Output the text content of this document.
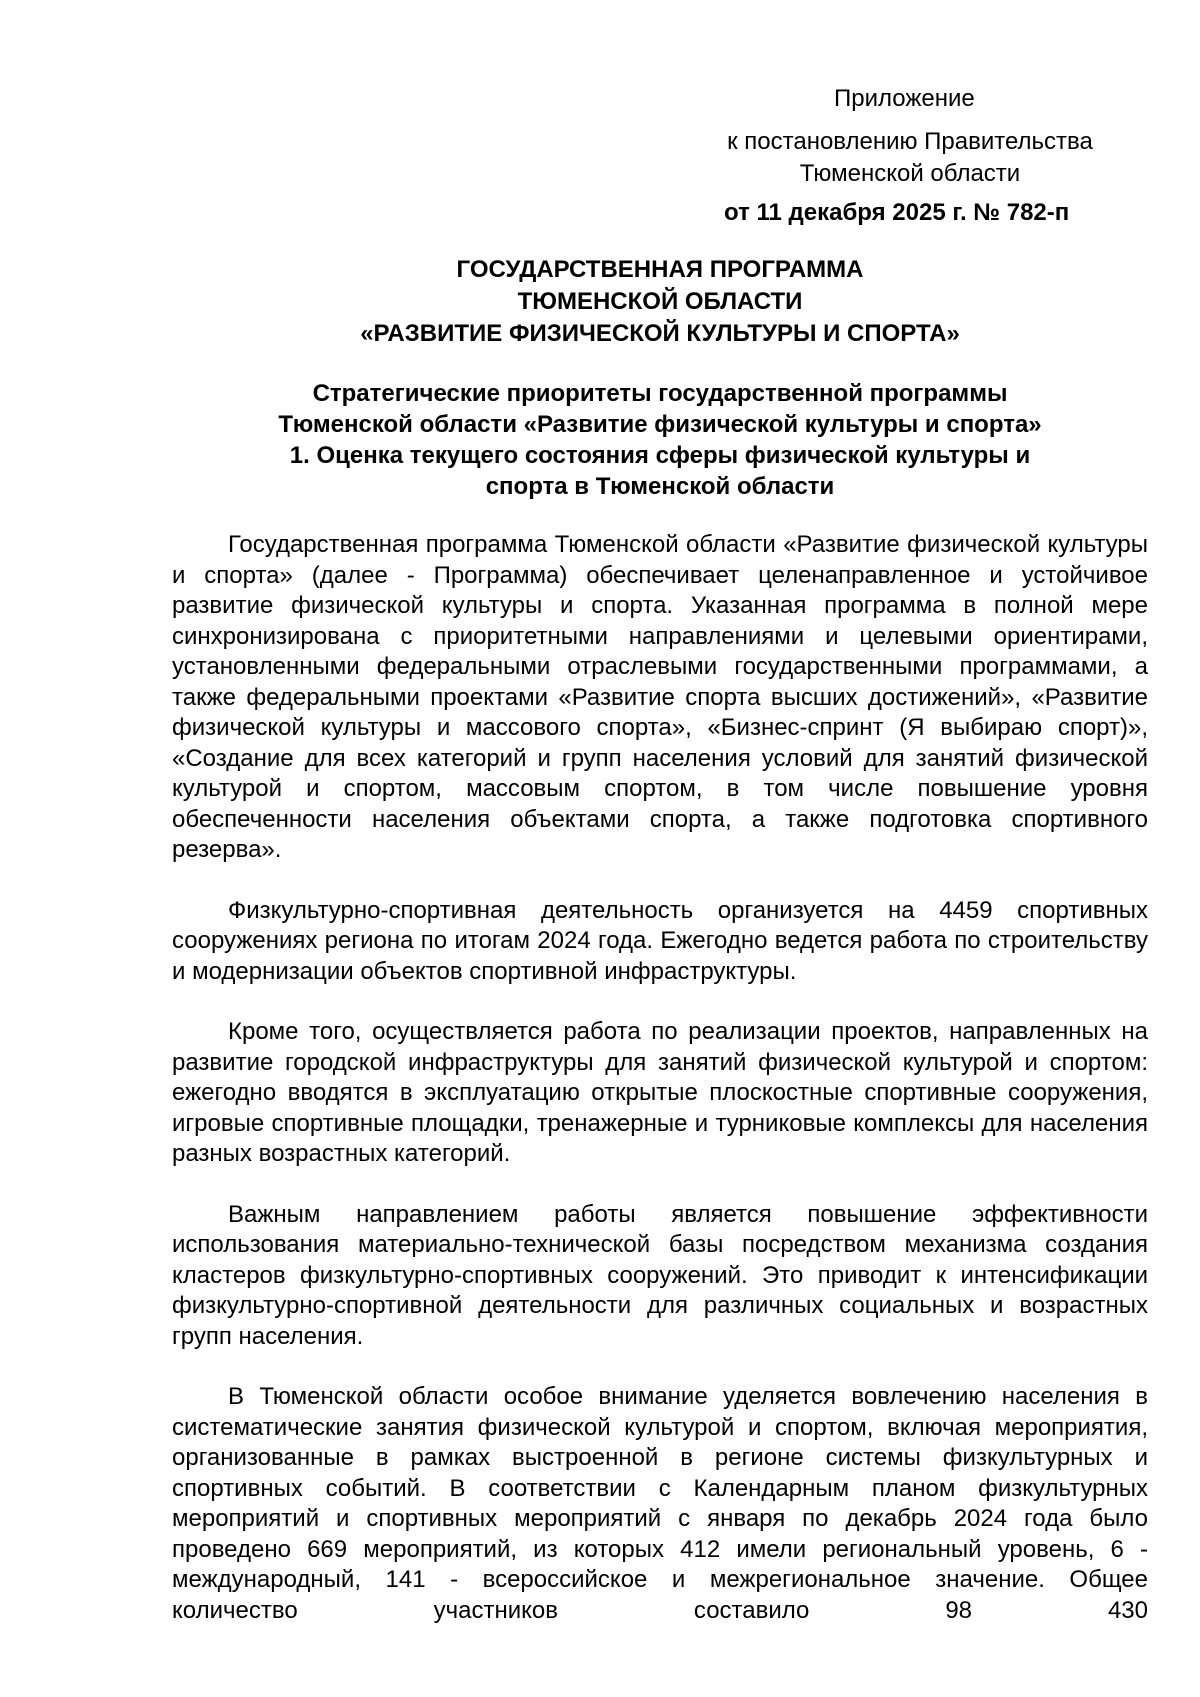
Приложение
к постановлению Правительства
Тюменской области
от 11 декабря 2025 г. № 782-п
ГОСУДАРСТВЕННАЯ ПРОГРАММА
ТЮМЕНСКОЙ ОБЛАСТИ
«РАЗВИТИЕ ФИЗИЧЕСКОЙ КУЛЬТУРЫ И СПОРТА»
Стратегические приоритеты государственной программы
Тюменской области «Развитие физической культуры и спорта»
1. Оценка текущего состояния сферы физической культуры и
спорта в Тюменской области

Государственная программа Тюменской области «Развитие физической культуры и спорта» (далее - Программа) обеспечивает целенаправленное и устойчивое развитие физической культуры и спорта. Указанная программа в полной мере синхронизирована с приоритетными направлениями и целевыми ориентирами, установленными федеральными отраслевыми государственными программами, а также федеральными проектами «Развитие спорта высших достижений», «Развитие физической культуры и массового спорта», «Бизнес-спринт (Я выбираю спорт)», «Создание для всех категорий и групп населения условий для занятий физической культурой и спортом, массовым спортом, в том числе повышение уровня обеспеченности населения объектами спорта, а также подготовка спортивного резерва».

Физкультурно-спортивная деятельность организуется на 4459 спортивных сооружениях региона по итогам 2024 года. Ежегодно ведется работа по строительству и модернизации объектов спортивной инфраструктуры.

Кроме того, осуществляется работа по реализации проектов, направленных на развитие городской инфраструктуры для занятий физической культурой и спортом: ежегодно вводятся в эксплуатацию открытые плоскостные спортивные сооружения, игровые спортивные площадки, тренажерные и турниковые комплексы для населения разных возрастных категорий.

Важным направлением работы является повышение эффективности использования материально-технической базы посредством механизма создания кластеров физкультурно-спортивных сооружений. Это приводит к интенсификации физкультурно-спортивной деятельности для различных социальных и возрастных групп населения.

В Тюменской области особое внимание уделяется вовлечению населения в систематические занятия физической культурой и спортом, включая мероприятия, организованные в рамках выстроенной в регионе системы физкультурных и спортивных событий. В соответствии с Календарным планом физкультурных мероприятий и спортивных мероприятий с января по декабрь 2024 года было проведено 669 мероприятий, из которых 412 имели региональный уровень, 6 - международный, 141 - всероссийское и межрегиональное значение. Общее количество участников составило 98 430
